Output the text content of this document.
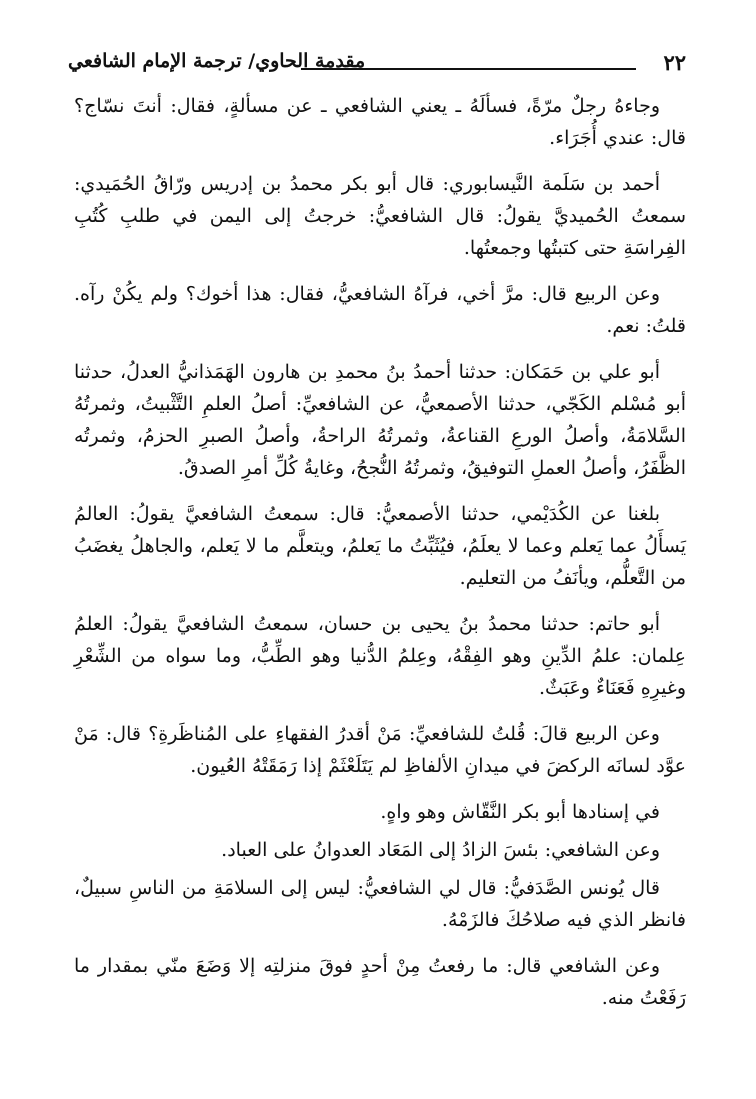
٢٢
مقدمة الحاوي/ ترجمة الإمام الشافعي

وجاءهُ رجلٌ مرّةً، فسألَهُ ـ يعني الشافعي ـ عن مسألةٍ، فقال: أنتَ نسّاج؟ قال: عندي أُجَرَاء.

أحمد بن سَلَمة النَّيسابوري: قال أبو بكر محمدُ بن إدريس ورّاقُ الحُمَيدي: سمعتُ الحُميديَّ يقولُ: قال الشافعيُّ: خرجتُ إلى اليمن في طلبِ كُتُبِ الفِراسَةِ حتى كتبتُها وجمعتُها.

وعن الربيع قال: مرَّ أخي، فرآهُ الشافعيُّ، فقال: هذا أخوك؟ ولم يكُنْ رآه. قلتُ: نعم.

أبو علي بن حَمَكان: حدثنا أحمدُ بنُ محمدِ بن هارون الهَمَذانيُّ العدلُ، حدثنا أبو مُسْلم الكَجّي، حدثنا الأصمعيُّ، عن الشافعيِّ: أصلُ العلمِ التَّثْبيتُ، وثمرتُهُ السَّلامَةُ، وأصلُ الورعِ القناعةُ، وثمرتُهُ الراحةُ، وأصلُ الصبرِ الحزمُ، وثمرتُه الظَّفَرُ، وأصلُ العملِ التوفيقُ، وثمرتُهُ النُّجحُ، وغايةُ كُلِّ أمرِ الصدقُ.

بلغنا عن الكُدَيْمي، حدثنا الأصمعيُّ: قال: سمعتُ الشافعيَّ يقولُ: العالمُ يَسأَلُ عما يَعلم وعما لا يعلَمُ، فيُثَبِّتُ ما يَعلمُ، ويتعلَّم ما لا يَعلم، والجاهلُ يغضَبُ من التَّعلُّم، ويأنَفُ من التعليم.

أبو حاتم: حدثنا محمدُ بنُ يحيى بن حسان، سمعتُ الشافعيَّ يقولُ: العلمُ عِلمان: علمُ الدِّينِ وهو الفِقْهُ، وعِلمُ الدُّنيا وهو الطِّبُّ، وما سواه من الشِّعْرِ وغيرِهِ فَعَنَاءٌ وعَبَثٌ.

وعن الربيع قالَ: قُلتُ للشافعيِّ: مَنْ أقدرُ الفقهاءِ على المُناظَرةِ؟ قال: مَنْ عوَّد لسانَه الركضَ في ميدانِ الألفاظِ لم يَتَلَعْثَمْ إذا رَمَقَتْهُ العُيون.

في إسنادها أبو بكر النَّقّاش وهو واهٍ.

وعن الشافعي: بئسَ الزادُ إلى المَعَاد العدوانُ على العباد.

قال يُونس الصَّدَفيُّ: قال لي الشافعيُّ: ليس إلى السلامَةِ من الناسِ سبيلٌ، فانظر الذي فيه صلاحُكَ فالزَمْهُ.

وعن الشافعي قال: ما رفعتُ مِنْ أحدٍ فوقَ منزلتِه إلا وَضَعَ منّي بمقدار ما رَفَعْتُ منه.
